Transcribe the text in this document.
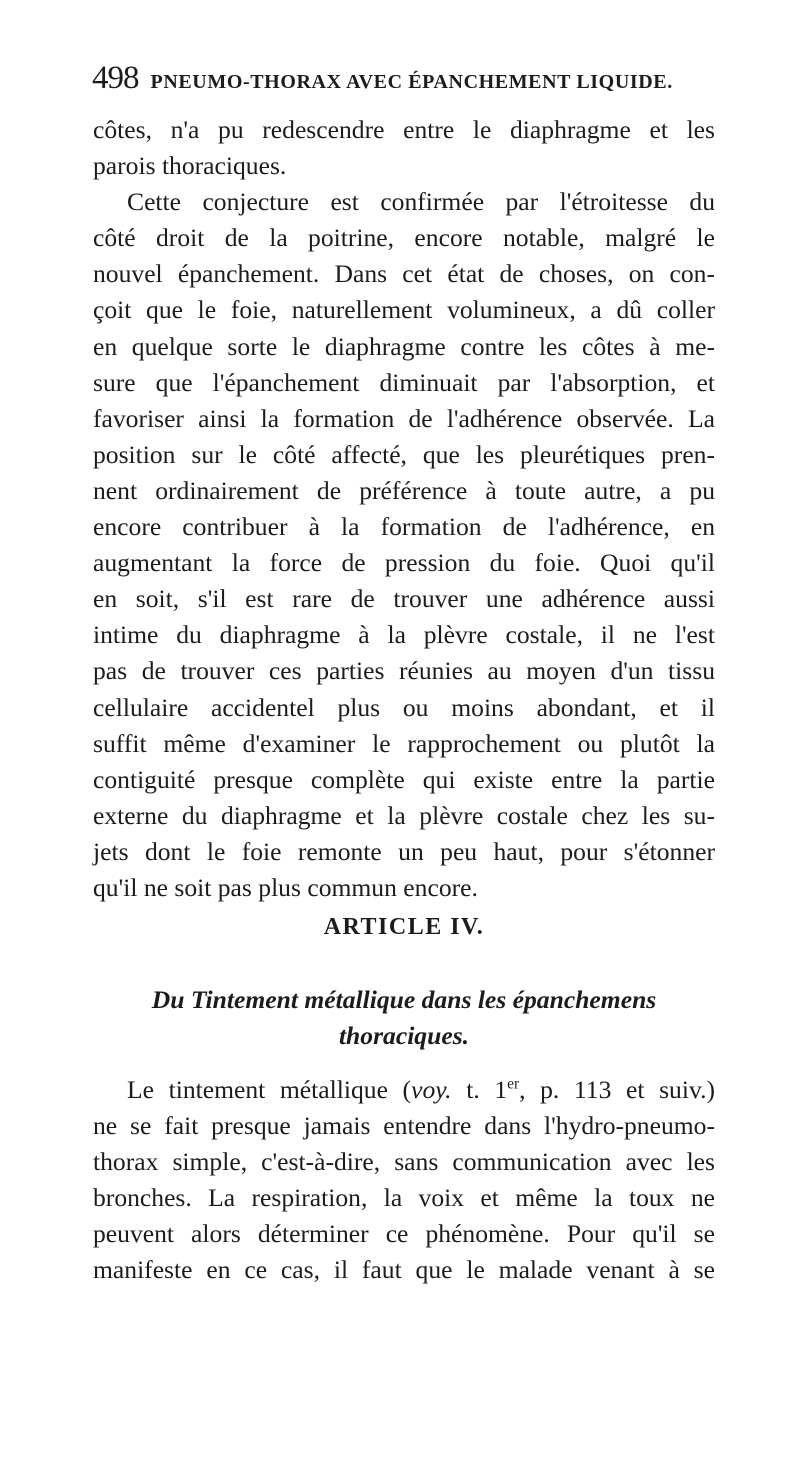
498 PNEUMO-THORAX AVEC ÉPANCHEMENT LIQUIDE.

côtes, n'a pu redescendre entre le diaphragme et les
parois thoraciques.

Cette conjecture est confirmée par l'étroitesse du
côté droit de la poitrine, encore notable, malgré le
nouvel épanchement. Dans cet état de choses, on con-
çoit que le foie, naturellement volumineux, a dû coller
en quelque sorte le diaphragme contre les côtes à me-
sure que l'épanchement diminuait par l'absorption, et
favoriser ainsi la formation de l'adhérence observée. La
position sur le côté affecté, que les pleurétiques pren-
nent ordinairement de préférence à toute autre, a pu
encore contribuer à la formation de l'adhérence, en
augmentant la force de pression du foie. Quoi qu'il
en soit, s'il est rare de trouver une adhérence aussi
intime du diaphragme à la plèvre costale, il ne l'est
pas de trouver ces parties réunies au moyen d'un tissu
cellulaire accidentel plus ou moins abondant, et il
suffit même d'examiner le rapprochement ou plutôt la
contiguité presque complète qui existe entre la partie
externe du diaphragme et la plèvre costale chez les su-
jets dont le foie remonte un peu haut, pour s'étonner
qu'il ne soit pas plus commun encore.

ARTICLE IV.
Du Tintement métallique dans les épanchemens
thoraciques.

Le tintement métallique (voy. t. 1er, p. 113 et suiv.)
ne se fait presque jamais entendre dans l'hydro-pneumo-
thorax simple, c'est-à-dire, sans communication avec les
bronches. La respiration, la voix et même la toux ne
peuvent alors déterminer ce phénomène. Pour qu'il se
manifeste en ce cas, il faut que le malade venant à se
